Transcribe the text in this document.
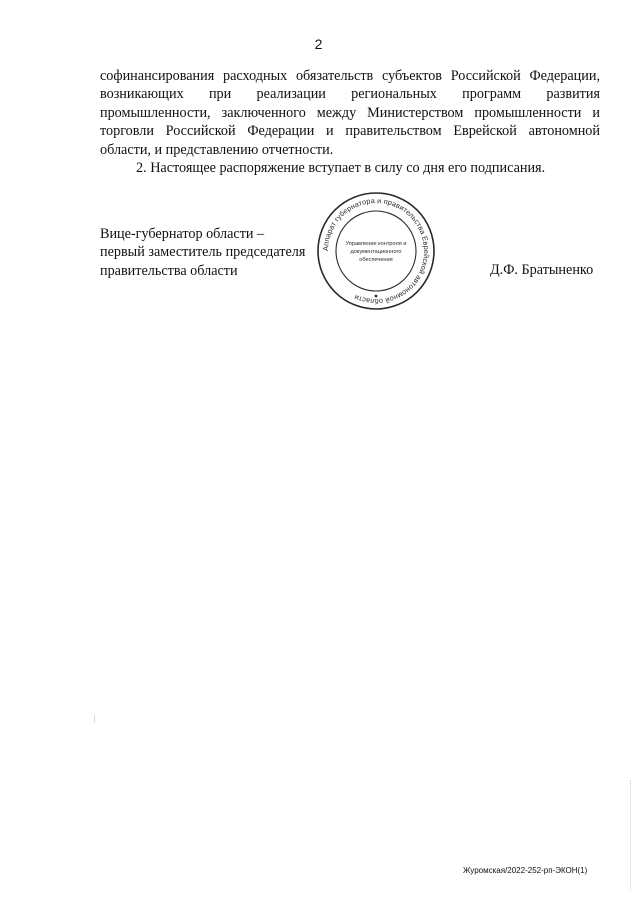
2

софинансирования расходных обязательств субъектов Российской Федерации, возникающих при реализации региональных программ развития промышленности, заключенного между Министерством промышленности и торговли Российской Федерации и правительством Еврейской автономной области, и представлению отчетности.

2. Настоящее распоряжение вступает в силу со дня его подписания.

Вице-губернатор области –
первый заместитель председателя
правительства области	Д.Ф. Братыненко
Аппарат губернатора и правительства Еврейской автономной области
Управление контроля и
документационного
обеспечения
Журомская/2022-252-рп-ЭКОН(1)
